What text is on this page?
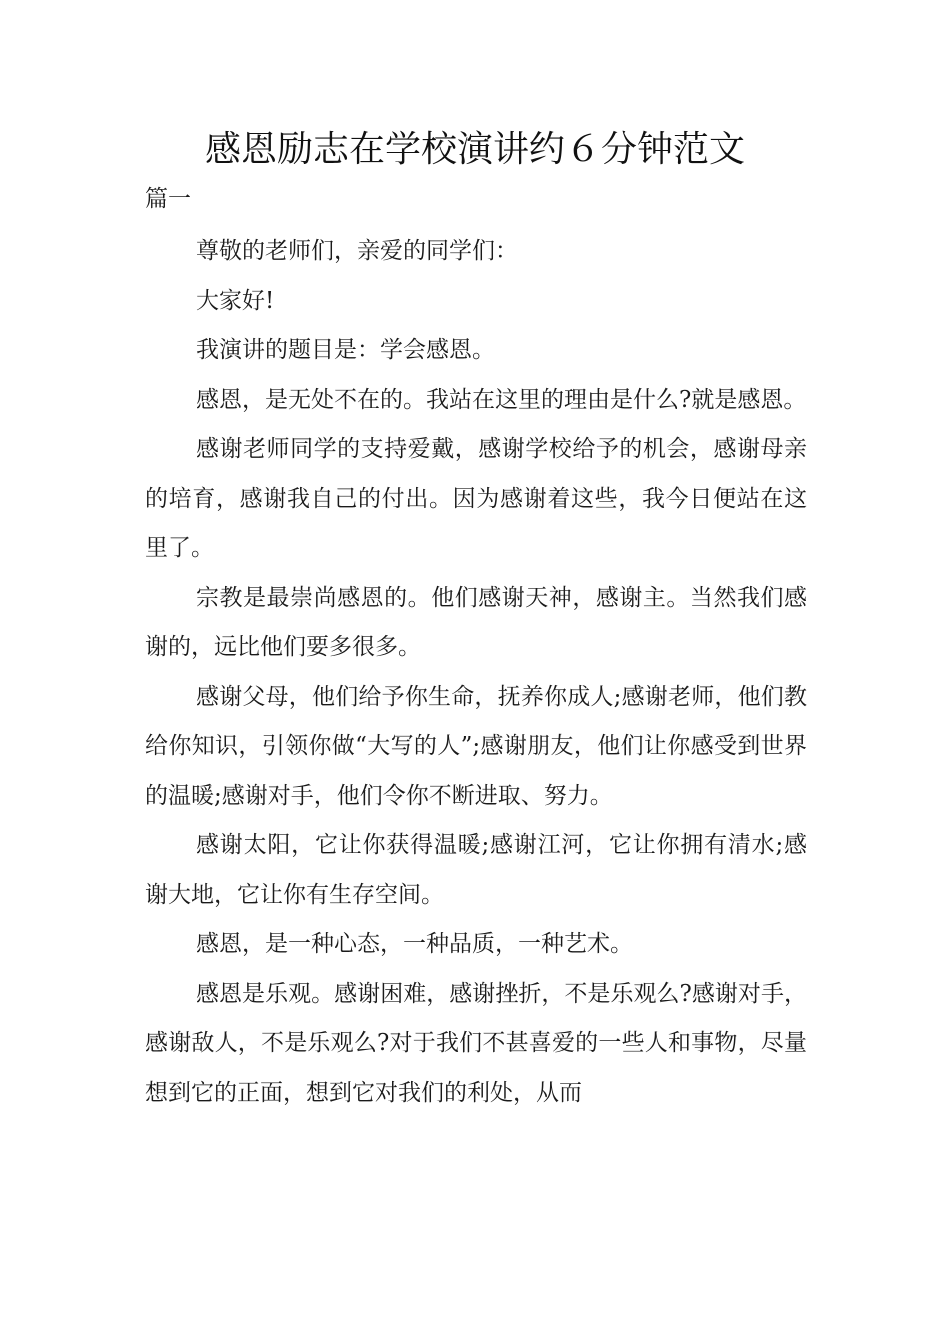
感恩励志在学校演讲约６分钟范文

篇一

尊敬的老师们，亲爱的同学们：

大家好!

我演讲的题目是：学会感恩。

感恩，是无处不在的。我站在这里的理由是什么?就是感恩。

感谢老师同学的支持爱戴，感谢学校给予的机会，感谢母亲的培育，感谢我自己的付出。因为感谢着这些，我今日便站在这里了。

宗教是最崇尚感恩的。他们感谢天神，感谢主。当然我们感谢的，远比他们要多很多。

感谢父母，他们给予你生命，抚养你成人;感谢老师，他们教给你知识，引领你做“大写的人”;感谢朋友，他们让你感受到世界的温暖;感谢对手，他们令你不断进取、努力。

感谢太阳，它让你获得温暖;感谢江河，它让你拥有清水;感谢大地，它让你有生存空间。

感恩，是一种心态，一种品质，一种艺术。

感恩是乐观。感谢困难，感谢挫折，不是乐观么?感谢对手，感谢敌人，不是乐观么?对于我们不甚喜爱的一些人和事物，尽量想到它的正面，想到它对我们的利处，从而
